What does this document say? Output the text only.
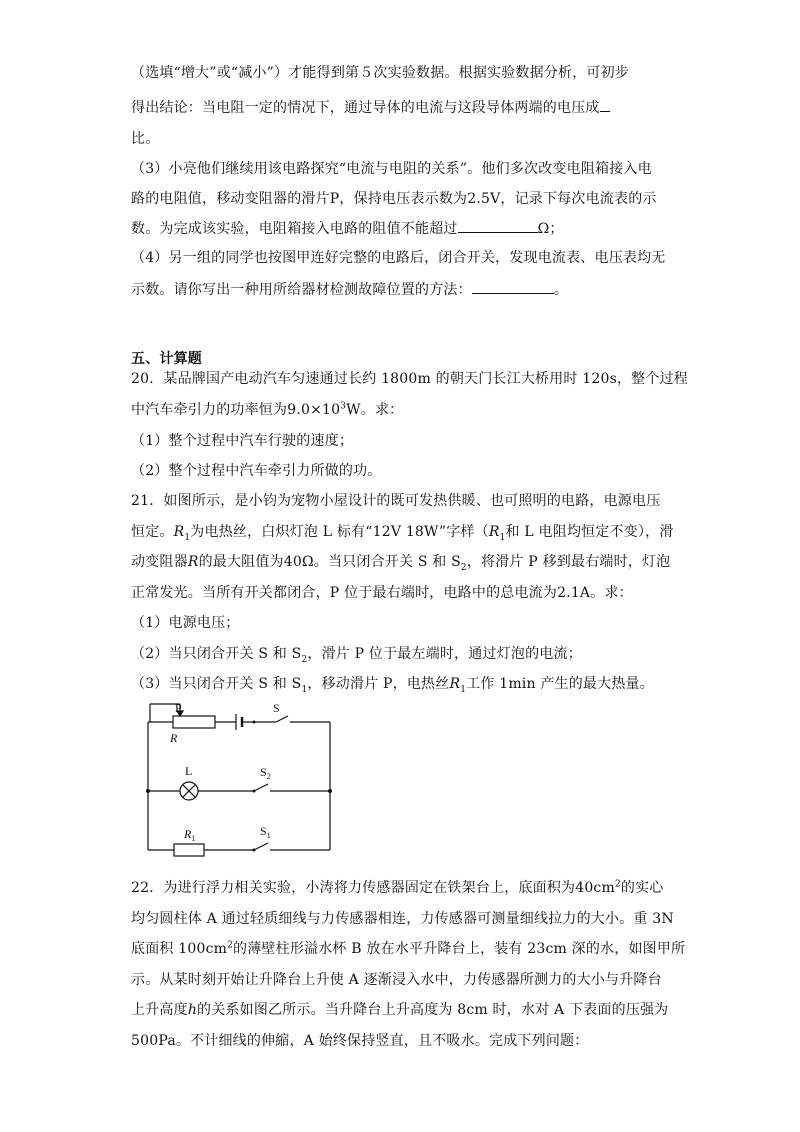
（选填“增大”或“减小”）才能得到第５次实验数据。根据实验数据分析，可初步
得出结论：当电阻一定的情况下，通过导体的电流与这段导体两端的电压成
比。
（3）小亮他们继续用该电路探究“电流与电阻的关系”。他们多次改变电阻箱接入电
路的电阻值，移动变阻器的滑片P，保持电压表示数为2.5V，记录下每次电流表的示
数。为完成该实验，电阻箱接入电路的阻值不能超过	Ω；
（4）另一组的同学也按图甲连好完整的电路后，闭合开关，发现电流表、电压表均无
示数。请你写出一种用所给器材检测故障位置的方法：	。
五、计算题
20．某品牌国产电动汽车匀速通过长约 1800m 的朝天门长江大桥用时 120s，整个过程
中汽车牵引力的功率恒为$9.0\times 10^3W$。求：
（1）整个过程中汽车行驶的速度；
（2）整个过程中汽车牵引力所做的功。
21．如图所示，是小钧为宠物小屋设计的既可发热供暖、也可照明的电路，电源电压
恒定。$R_1$为电热丝，白炽灯泡 L 标有“12V 18W”字样（$R_1$和 L 电阻均恒定不变），滑
动变阻器R的最大阻值为40Ω。当只闭合开关 S 和 $S_2$，将滑片 P 移到最右端时，灯泡
正常发光。当所有开关都闭合，P 位于最右端时，电路中的总电流为2.1A。求：
（1）电源电压；
（2）当只闭合开关 S 和 $S_2$，滑片 P 位于最左端时，通过灯泡的电流；
（3）当只闭合开关 S 和 $S_1$，移动滑片 P，电热丝$R_1$工作 1min 产生的最大热量。
P
R
S
L	$S_2$
$R_1$
$S_1$
22．为进行浮力相关实验，小涛将力传感器固定在铁架台上，底面积为$40cm^2$的实心
均匀圆柱体 A 通过轻质细线与力传感器相连，力传感器可测量细线拉力的大小。重 3N
底面积 $100cm^2$的薄壁柱形溢水杯 B 放在水平升降台上，装有 23cm 深的水，如图甲所
示。从某时刻开始让升降台上升使 A 逐渐浸入水中，力传感器所测力的大小与升降台
上升高度h的关系如图乙所示。当升降台上升高度为 8cm 时，水对 A 下表面的压强为
500Pa。不计细线的伸縮，A 始终保持竖直，且不吸水。完成下列问题：
